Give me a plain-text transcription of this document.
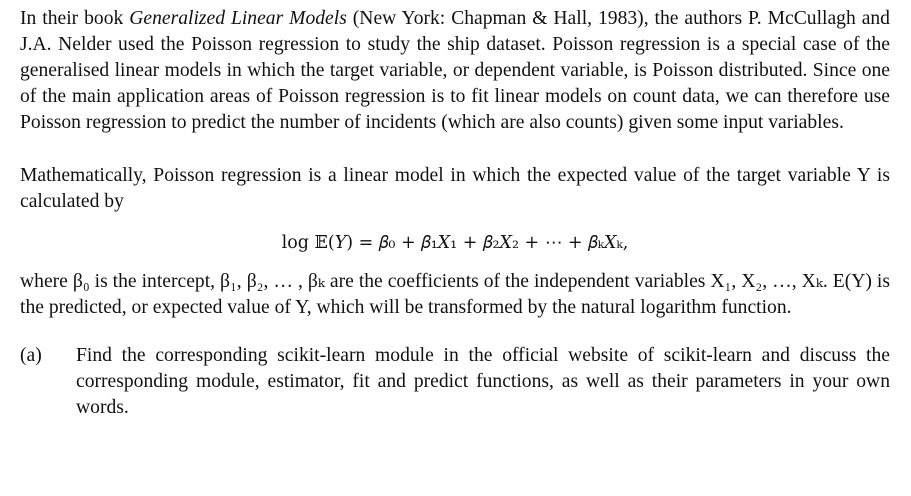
In their book Generalized Linear Models (New York: Chapman & Hall, 1983), the authors P. McCullagh and J.A. Nelder used the Poisson regression to study the ship dataset. Poisson regression is a special case of the generalised linear models in which the target variable, or dependent variable, is Poisson distributed. Since one of the main application areas of Poisson regression is to fit linear models on count data, we can therefore use Poisson regression to predict the number of incidents (which are also counts) given some input variables.

Mathematically, Poisson regression is a linear model in which the expected value of the target variable Y is calculated by

log 𝔼(𝑌) = 𝛽₀ + 𝛽₁𝑋₁ + 𝛽₂𝑋₂ + ⋯ + 𝛽ₖ𝑋ₖ,

where β₀ is the intercept, β₁, β₂, … , βₖ are the coefficients of the independent variables X₁, X₂, …, Xₖ. E(Y) is the predicted, or expected value of Y, which will be transformed by the natural logarithm function.

(a)	Find the corresponding scikit-learn module in the official website of scikit-learn and discuss the corresponding module, estimator, fit and predict functions, as well as their parameters in your own words.
